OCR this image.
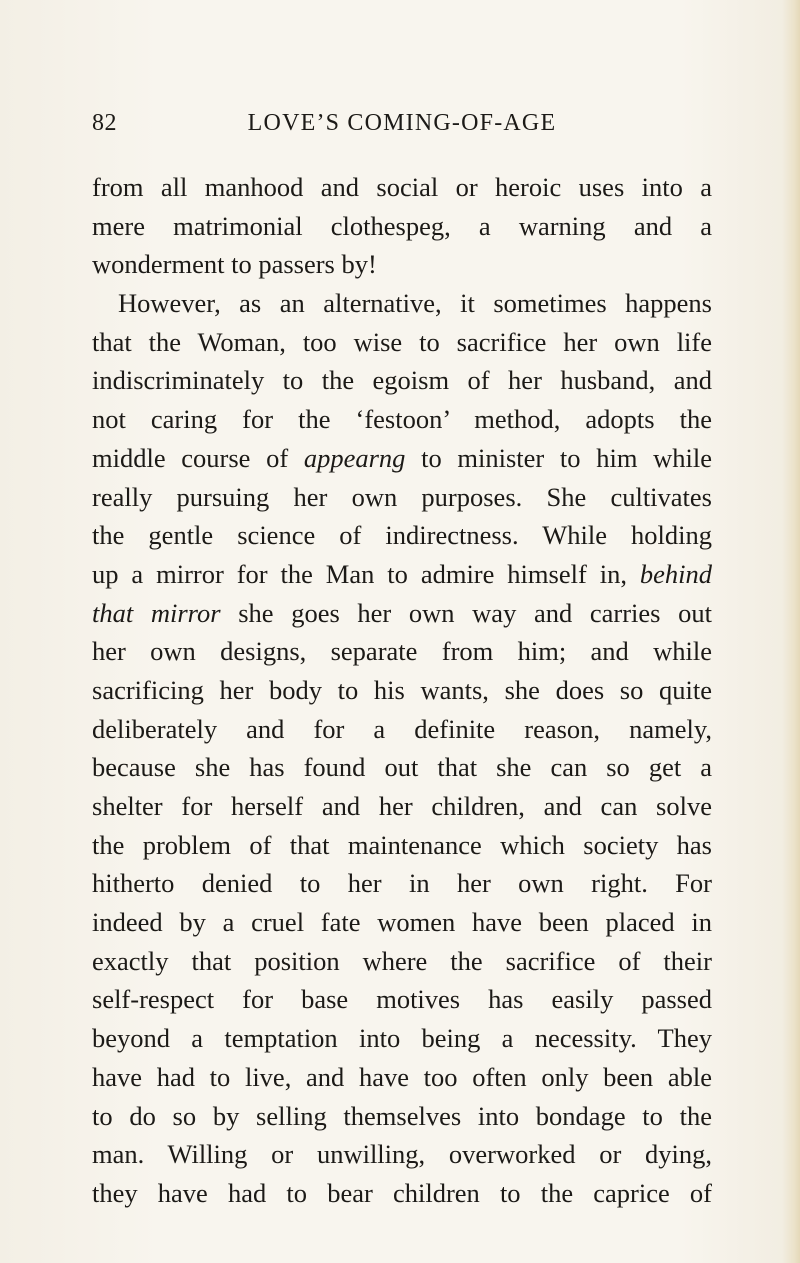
82	LOVE’S COMING-OF-AGE
from all manhood and social or heroic uses into a
mere matrimonial clothespeg, a warning and a
wonderment to passers by!
However, as an alternative, it sometimes happens
that the Woman, too wise to sacrifice her own life
indiscriminately to the egoism of her husband, and
not caring for the ‘festoon’ method, adopts the
middle course of appearng to minister to him while
really pursuing her own purposes. She cultivates
the gentle science of indirectness. While holding
up a mirror for the Man to admire himself in, behind
that mirror she goes her own way and carries out
her own designs, separate from him; and while
sacrificing her body to his wants, she does so quite
deliberately and for a definite reason, namely,
because she has found out that she can so get a
shelter for herself and her children, and can solve
the problem of that maintenance which society has
hitherto denied to her in her own right. For
indeed by a cruel fate women have been placed in
exactly that position where the sacrifice of their
self-respect for base motives has easily passed
beyond a temptation into being a necessity. They
have had to live, and have too often only been able
to do so by selling themselves into bondage to the
man. Willing or unwilling, overworked or dying,
they have had to bear children to the caprice of
